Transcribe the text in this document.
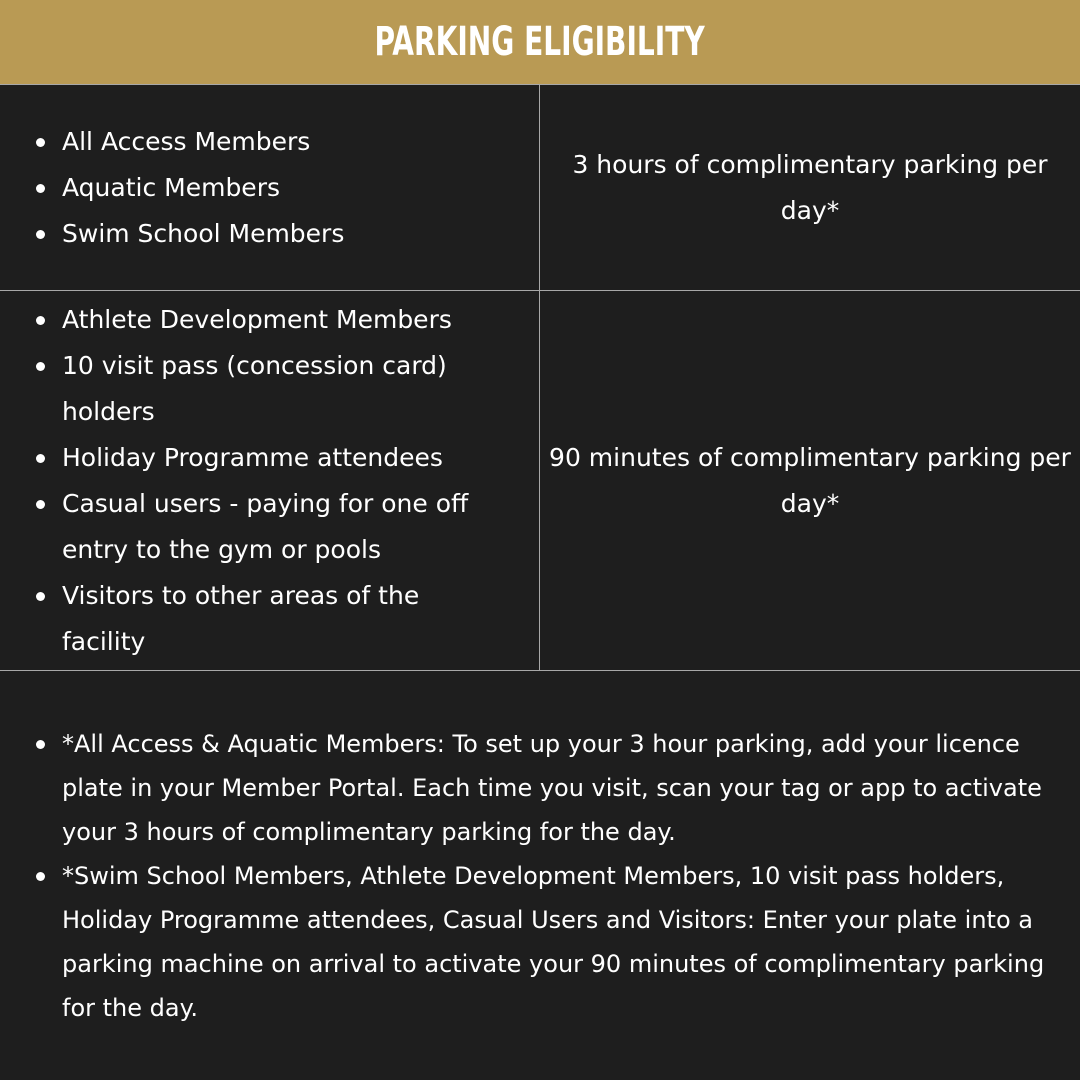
PARKING ELIGIBILITY
All Access Members
Aquatic Members
Swim School Members
3 hours of complimentary parking per day*
Athlete Development Members
10 visit pass (concession card) holders
Holiday Programme attendees
Casual users - paying for one off entry to the gym or pools
Visitors to other areas of the facility
90 minutes of complimentary parking per day*
*All Access & Aquatic Members: To set up your 3 hour parking, add your licence plate in your Member Portal. Each time you visit, scan your tag or app to activate your 3 hours of complimentary parking for the day.
*Swim School Members, Athlete Development Members, 10 visit pass holders, Holiday Programme attendees, Casual Users and Visitors: Enter your plate into a parking machine on arrival to activate your 90 minutes of complimentary parking for the day.
